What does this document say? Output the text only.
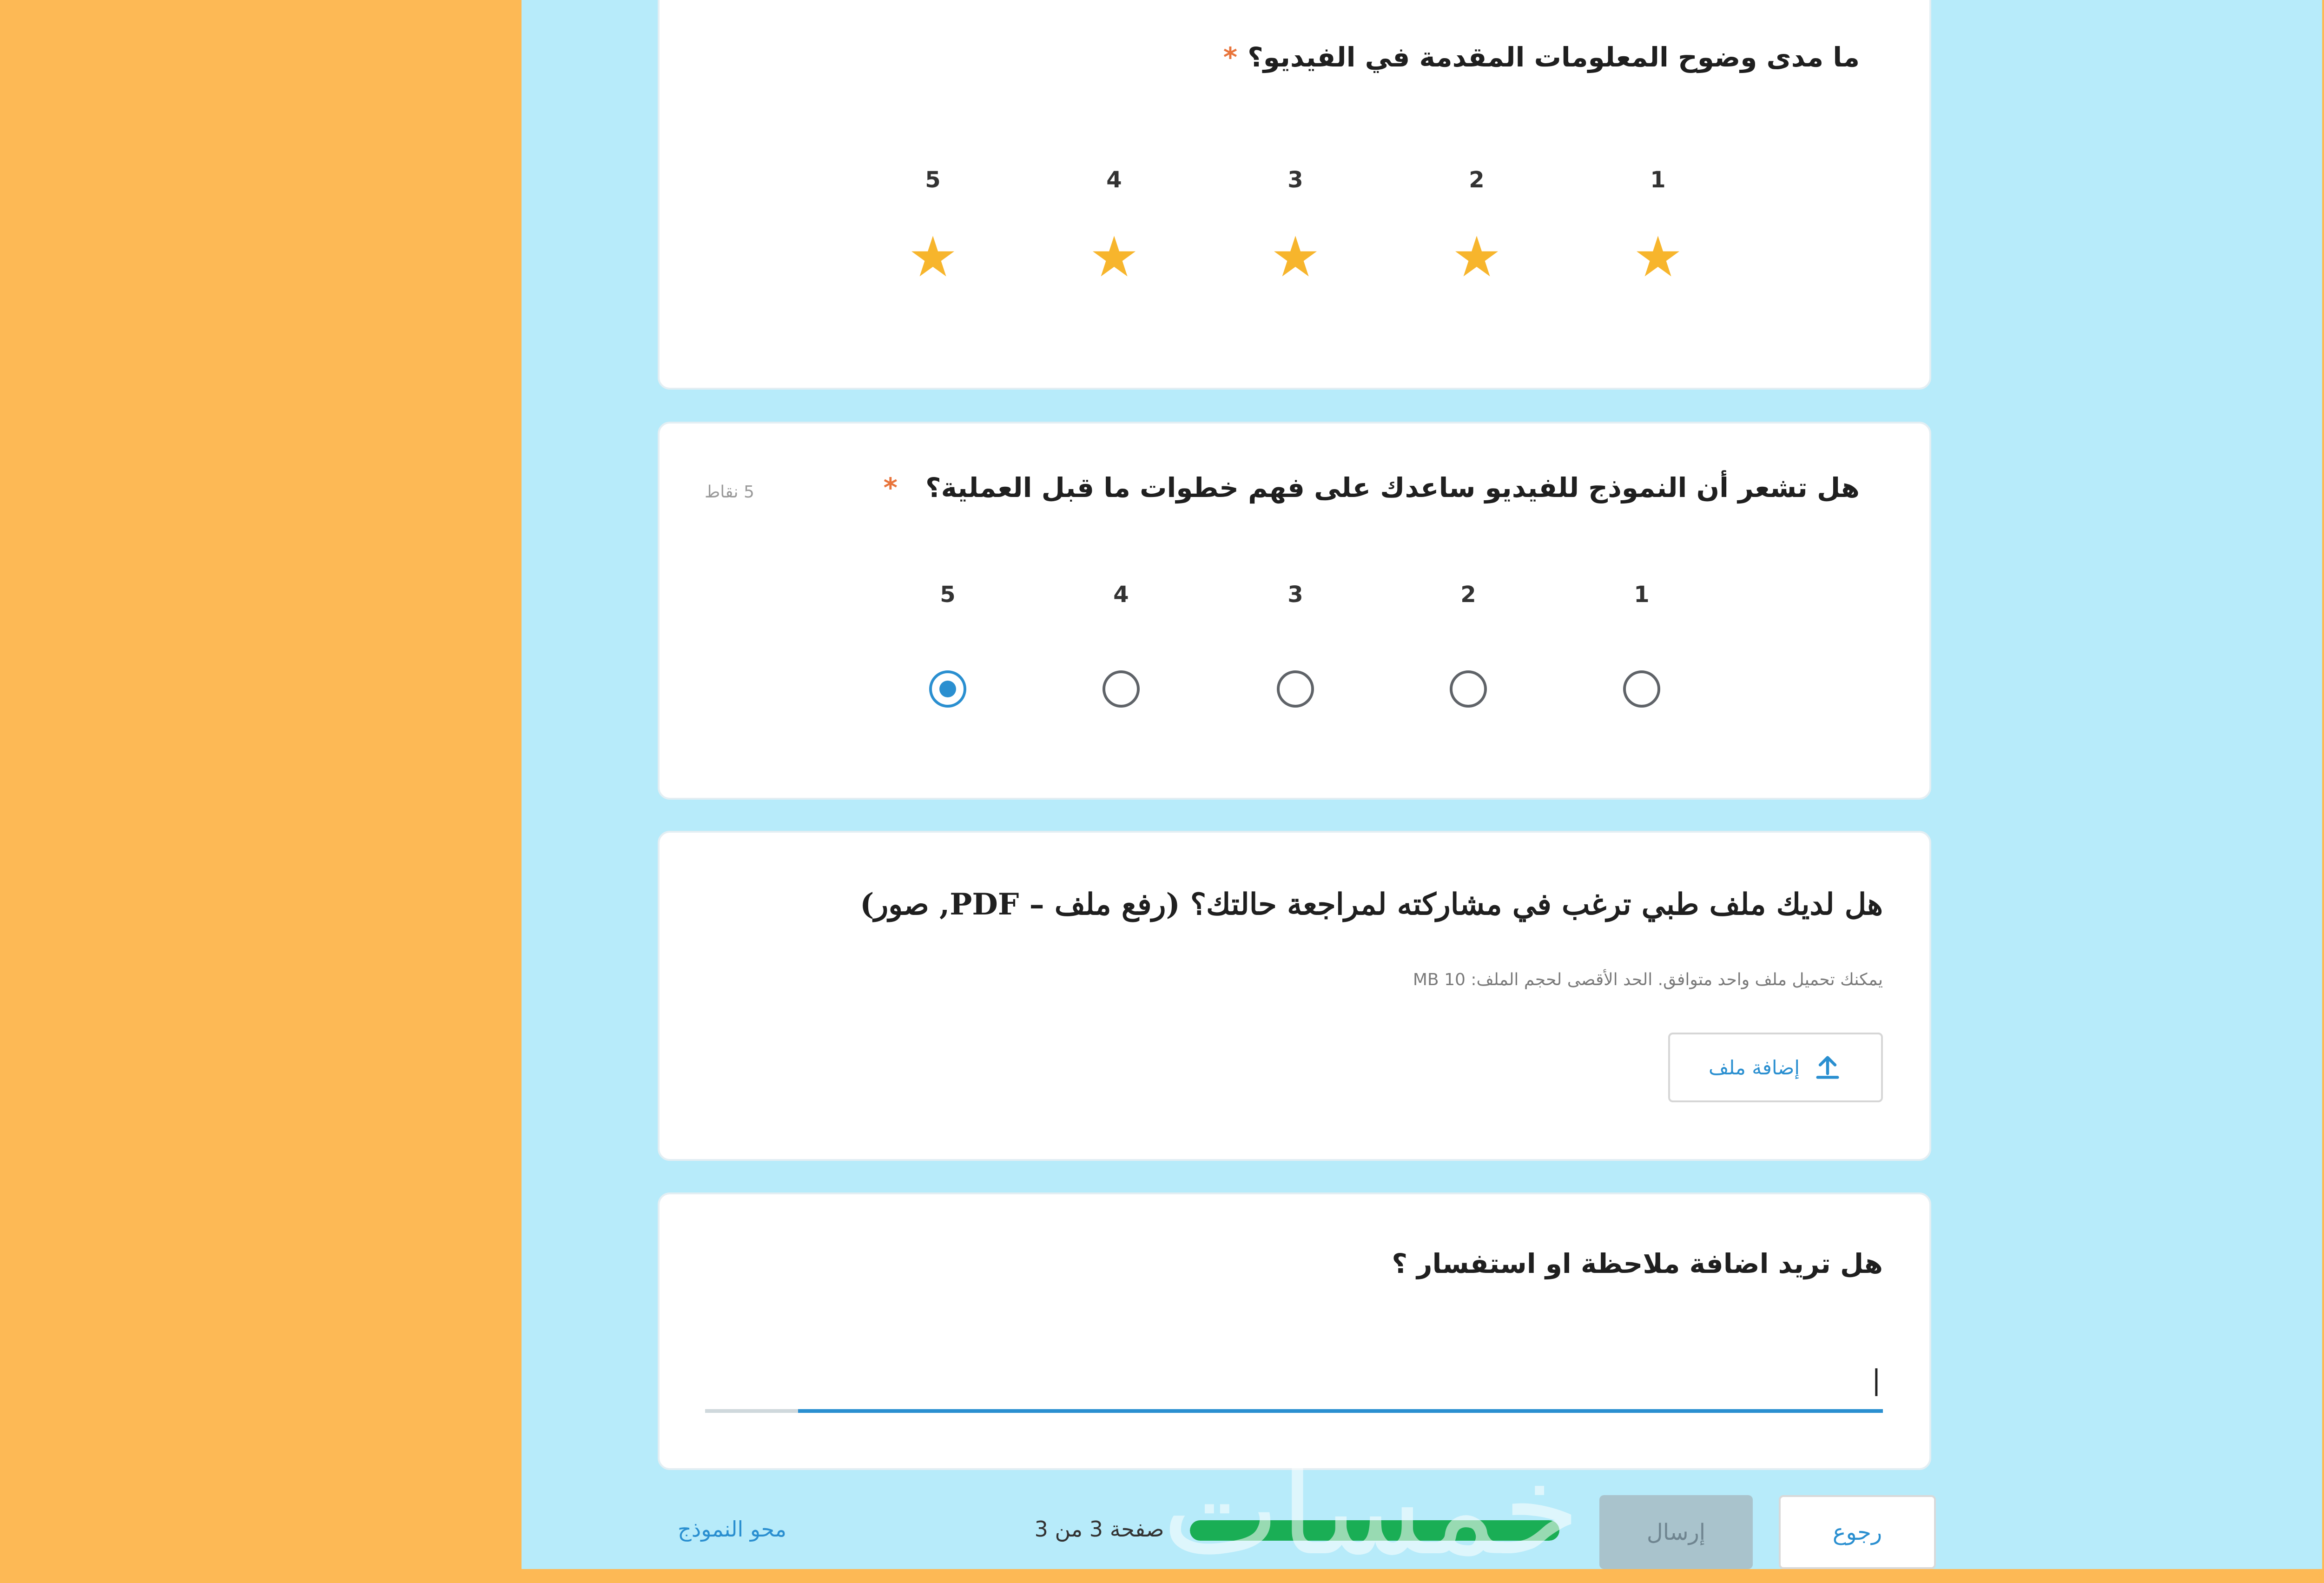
ما مدى وضوح المعلومات المقدمة في الفيديو؟*
1
★
2
★
3
★
4
★
5
★
هل تشعر أن النموذج للفيديو ساعدك على فهم خطوات ما قبل العملية؟*
5 نقاط
1
2
3
4
5
هل لديك ملف طبي ترغب في مشاركته لمراجعة حالتك؟ (رفع ملف – PDF, صور)
يمكنك تحميل ملف واحد متوافق. الحد الأقصى لحجم الملف: 10 MB
إضافة ملف
هل تريد اضافة ملاحظة او استفسار ؟
|
رجوع
إرسال
صفحة 3 من 3
محو النموذج	خمسات
